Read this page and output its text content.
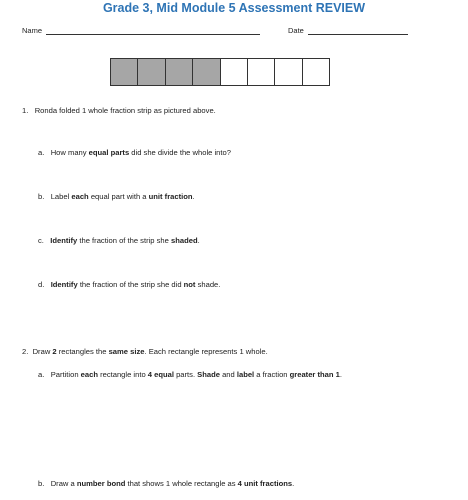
Grade 3, Mid Module 5 Assessment REVIEW
Name	Date
1. Ronda folded 1 whole fraction strip as pictured above.
a. How many equal parts did she divide the whole into?
b. Label each equal part with a unit fraction.
c. Identify the fraction of the strip she shaded.
d. Identify the fraction of the strip she did not shade.
2. Draw 2 rectangles the same size. Each rectangle represents 1 whole.
a. Partition each rectangle into 4 equal parts. Shade and label a fraction greater than 1.
b. Draw a number bond that shows 1 whole rectangle as 4 unit fractions.
